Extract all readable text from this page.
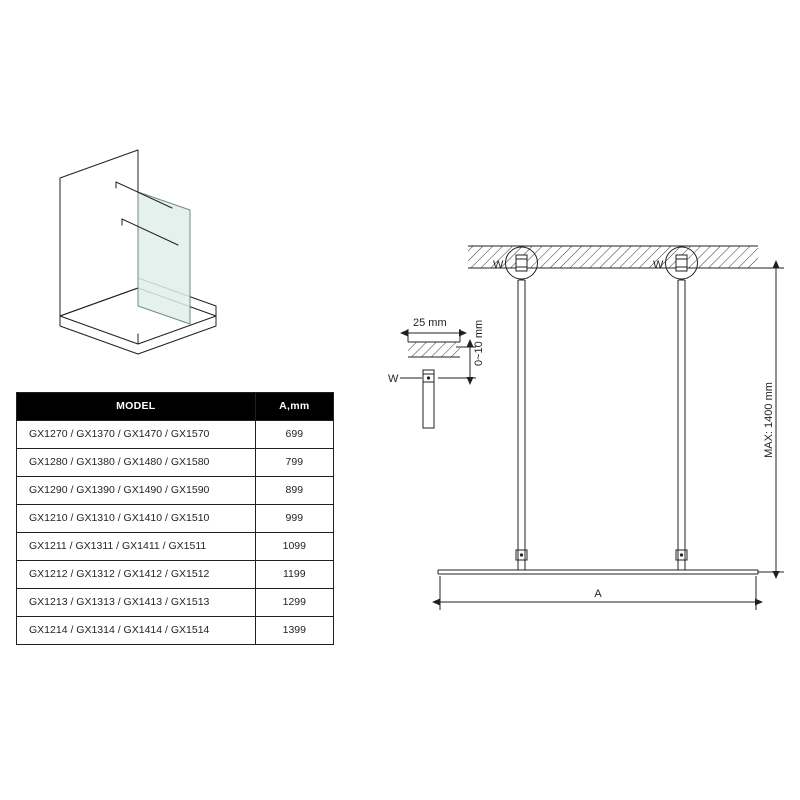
MODEL	A,mm
GX1270 / GX1370 / GX1470 / GX1570	699
GX1280 / GX1380 / GX1480 / GX1580	799
GX1290 / GX1390 / GX1490 / GX1590	899
GX1210 / GX1310 / GX1410 / GX1510	999
GX1211 / GX1311 / GX1411 / GX1511	1099
GX1212 / GX1312 / GX1412 / GX1512	1199
GX1213 / GX1313 / GX1413 / GX1513	1299
GX1214 / GX1314 / GX1414 / GX1514	1399
25 mm 0~10 mm
W
W	W
MAX: 1400 mm
A
